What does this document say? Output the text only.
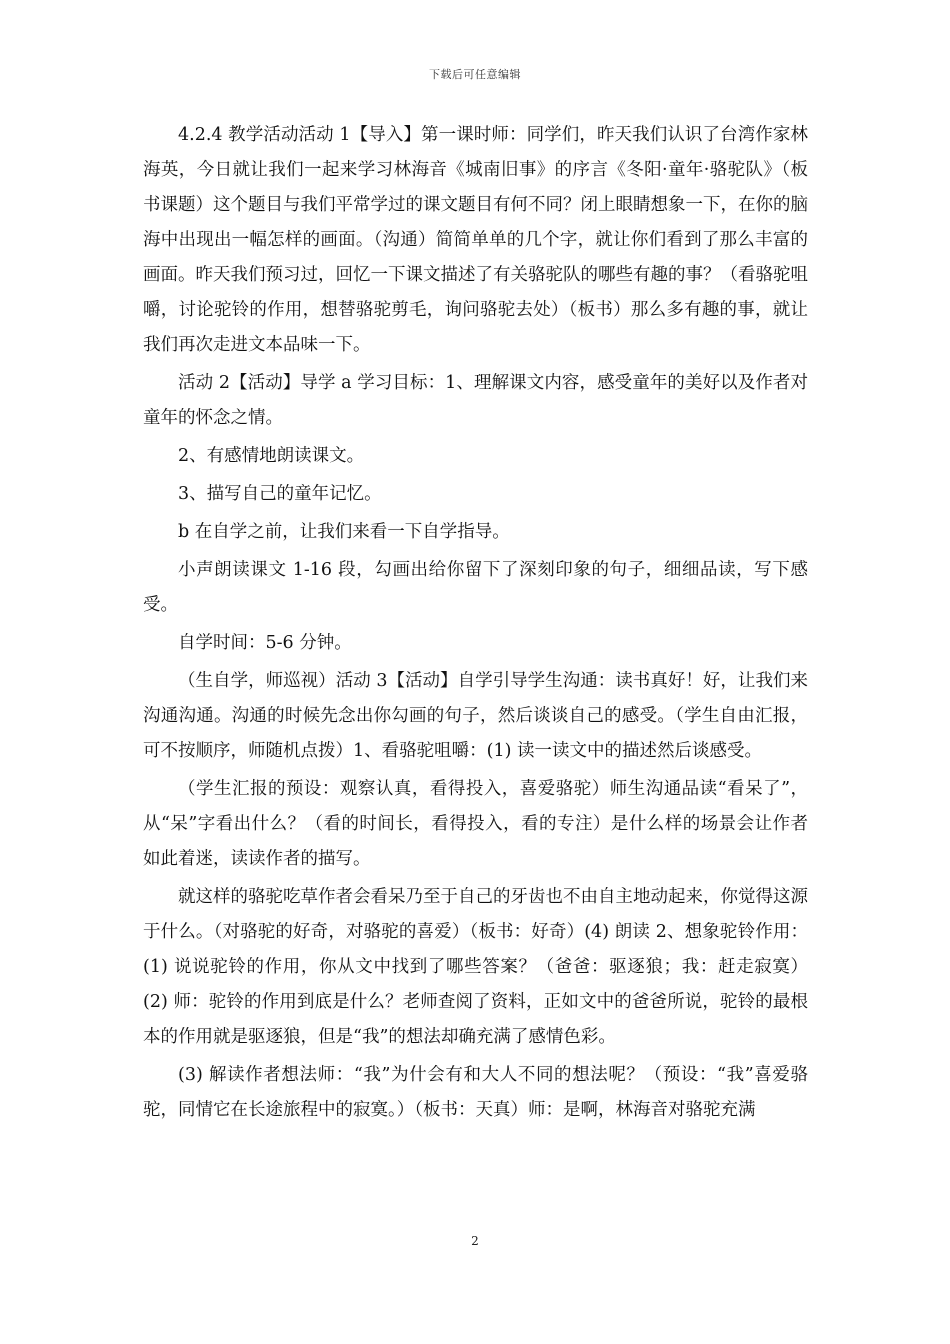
下载后可任意编辑

4.2.4 教学活动活动 1【导入】第一课时师：同学们，昨天我们认识了台湾作家林海英，今日就让我们一起来学习林海音《城南旧事》的序言《冬阳·童年·骆驼队》（板书课题）这个题目与我们平常学过的课文题目有何不同？闭上眼睛想象一下，在你的脑海中出现出一幅怎样的画面。（沟通）简简单单的几个字，就让你们看到了那么丰富的画面。昨天我们预习过，回忆一下课文描述了有关骆驼队的哪些有趣的事？（看骆驼咀嚼，讨论驼铃的作用，想替骆驼剪毛，询问骆驼去处）（板书）那么多有趣的事，就让我们再次走进文本品味一下。

活动 2【活动】导学 a 学习目标：1、理解课文内容，感受童年的美好以及作者对童年的怀念之情。

2、有感情地朗读课文。

3、描写自己的童年记忆。

b 在自学之前，让我们来看一下自学指导。

小声朗读课文 1-16 段，勾画出给你留下了深刻印象的句子，细细品读，写下感受。

自学时间：5-6 分钟。

（生自学，师巡视）活动 3【活动】自学引导学生沟通：读书真好！好，让我们来沟通沟通。沟通的时候先念出你勾画的句子，然后谈谈自己的感受。（学生自由汇报，可不按顺序，师随机点拨）1、看骆驼咀嚼：(1) 读一读文中的描述然后谈感受。

（学生汇报的预设：观察认真，看得投入，喜爱骆驼）师生沟通品读“看呆了”，从“呆”字看出什么？（看的时间长，看得投入，看的专注）是什么样的场景会让作者如此着迷，读读作者的描写。

就这样的骆驼吃草作者会看呆乃至于自己的牙齿也不由自主地动起来，你觉得这源于什么。（对骆驼的好奇，对骆驼的喜爱）（板书：好奇）(4) 朗读 2、想象驼铃作用：(1) 说说驼铃的作用，你从文中找到了哪些答案？（爸爸：驱逐狼；我：赶走寂寞）(2) 师：驼铃的作用到底是什么？老师查阅了资料，正如文中的爸爸所说，驼铃的最根本的作用就是驱逐狼，但是“我”的想法却确充满了感情色彩。

(3) 解读作者想法师：“我”为什会有和大人不同的想法呢？（预设：“我”喜爱骆驼，同情它在长途旅程中的寂寞。）（板书：天真）师：是啊，林海音对骆驼充满

2
